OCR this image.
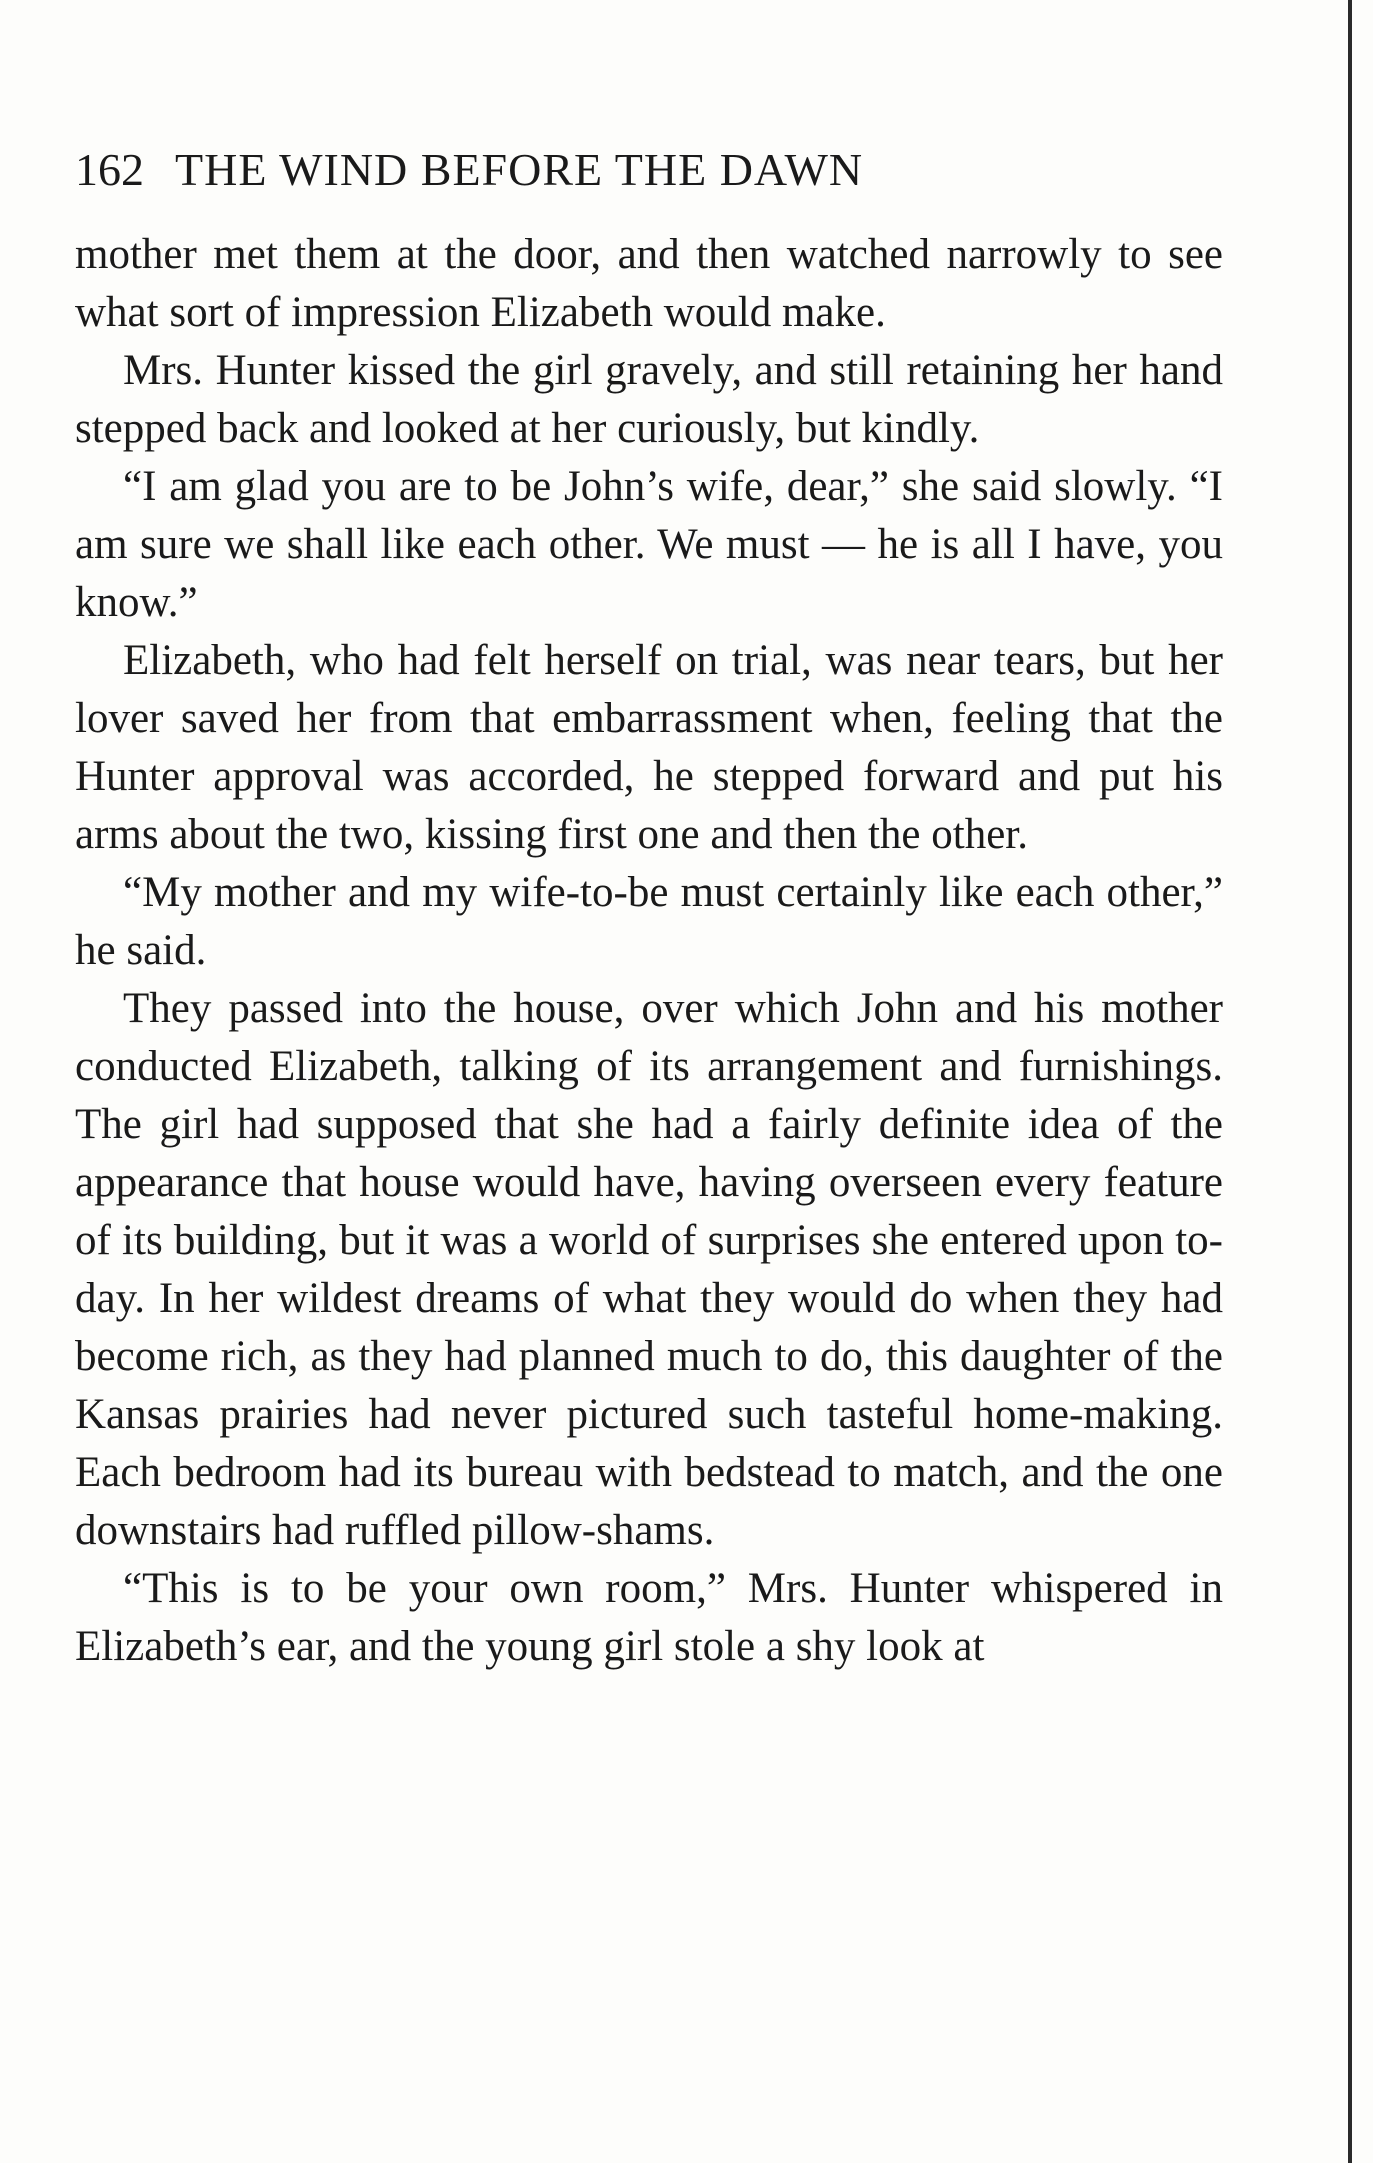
162 THE WIND BEFORE THE DAWN

mother met them at the door, and then watched narrowly to see what sort of impression Elizabeth would make.

Mrs. Hunter kissed the girl gravely, and still retaining her hand stepped back and looked at her curiously, but kindly.

“I am glad you are to be John’s wife, dear,” she said slowly. “I am sure we shall like each other. We must — he is all I have, you know.”

Elizabeth, who had felt herself on trial, was near tears, but her lover saved her from that embarrassment when, feeling that the Hunter approval was accorded, he stepped forward and put his arms about the two, kissing first one and then the other.

“My mother and my wife-to-be must certainly like each other,” he said.

They passed into the house, over which John and his mother conducted Elizabeth, talking of its arrangement and furnishings. The girl had supposed that she had a fairly definite idea of the appearance that house would have, having overseen every feature of its building, but it was a world of surprises she entered upon to-day. In her wildest dreams of what they would do when they had become rich, as they had planned much to do, this daughter of the Kansas prairies had never pictured such tasteful home-making. Each bedroom had its bureau with bedstead to match, and the one downstairs had ruffled pillow-shams.

“This is to be your own room,” Mrs. Hunter whispered in Elizabeth’s ear, and the young girl stole a shy look at
